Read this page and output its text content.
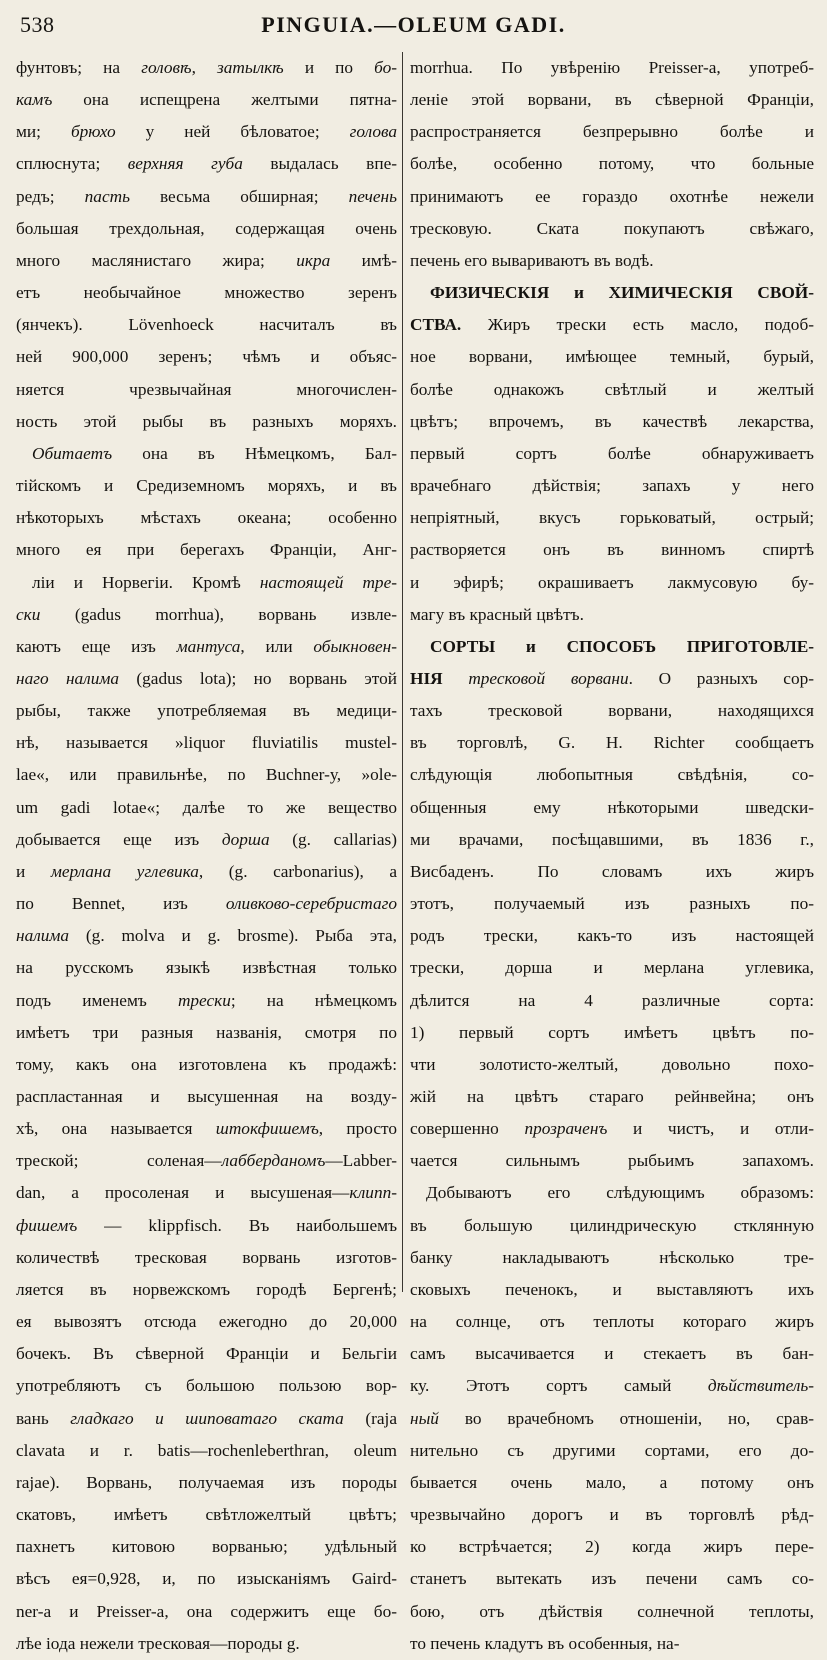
538	PINGUIA.—OLEUM GADI.
фунтовъ; на головѣ, затылкѣ и по бо-
камъ она испещрена желтыми пятна-
ми; брюхо у ней бѣловатое; голова
сплюснута; верхняя губа выдалась впе-
редъ; пасть весьма обширная; печень
большая трехдольная, содержащая очень
много маслянистаго жира; икра имѣ-
етъ необычайное множество зеренъ
(янчекъ). Lövenhoeck насчиталъ въ
ней 900,000 зеренъ; чѣмъ и объяс-
няется чрезвычайная многочислен-
ность этой рыбы въ разныхъ моряхъ.
Обитаетъ она въ Нѣмецкомъ, Бал-
тійскомъ и Средиземномъ моряхъ, и въ
нѣкоторыхъ мѣстахъ океана; особенно
много ея при берегахъ Франціи, Анг-
ліи и Норвегіи. Кромѣ настоящей тре-
ски (gadus morrhua), ворвань извле-
каютъ еще изъ мантуса, или обыкновен-
наго налима (gadus lota); но ворвань этой
рыбы, также употребляемая въ медици-
нѣ, называется »liquor fluviatilis mustel-
lae«, или правильнѣе, по Buchner-у, »ole-
um gadi lotae«; далѣе то же вещество
добывается еще изъ дорша (g. callarias)
и мерлана углевика, (g. carbonarius), а
по Bennet, изъ оливково-серебристаго
налима (g. molva и g. brosme). Рыба эта,
на русскомъ языкѣ извѣстная только
подъ именемъ трески; на нѣмецкомъ
имѣетъ три разныя названія, смотря по
тому, какъ она изготовлена къ продажѣ:
распластанная и высушенная на возду-
хѣ, она называется штокфишемъ, просто
треской; соленая—лабберданомъ—Labber-
dan, а просоленая и высушеная—клипп-
фишемъ — klippfisch. Въ наибольшемъ
количествѣ тресковая ворвань изготов-
ляется въ норвежскомъ городѣ Бергенѣ;
ея вывозятъ отсюда ежегодно до 20,000
бочекъ. Въ сѣверной Франціи и Бельгіи
употребляютъ съ большою пользою вор-
вань гладкаго и шиповатаго ската (raja
clavata и r. batis—rochenleberthran, oleum
rajae). Ворвань, получаемая изъ породы
скатовъ, имѣетъ свѣтложелтый цвѣтъ;
пахнетъ китовою ворванью; удѣльный
вѣсъ ея=0,928, и, по изысканіямъ Gaird-
ner-а и Preisser-а, она содержитъ еще бо-
лѣе іода нежели тресковая—породы g.
morrhua. По увѣренію Preisser-а, употреб-
леніе этой ворвани, въ сѣверной Франціи,
распространяется безпрерывно болѣе и
болѣе, особенно потому, что больные
принимаютъ ее гораздо охотнѣе нежели
тресковую. Ската покупаютъ свѣжаго,
печень его вывариваютъ въ водѣ.
ФИЗИЧЕСКІЯ и ХИМИЧЕСКІЯ СВОЙ-
СТВА. Жиръ трески есть масло, подоб-
ное ворвани, имѣющее темный, бурый,
болѣе однакожъ свѣтлый и желтый
цвѣтъ; впрочемъ, въ качествѣ лекарства,
первый сортъ болѣе обнаруживаетъ
врачебнаго дѣйствія; запахъ у него
непріятный, вкусъ горьковатый, острый;
растворяется онъ въ винномъ спиртѣ
и эфирѣ; окрашиваетъ лакмусовую бу-
магу въ красный цвѣтъ.
СОРТЫ и СПОСОБЪ ПРИГОТОВЛЕ-
НІЯ тресковой ворвани. О разныхъ сор-
тахъ тресковой ворвани, находящихся
въ торговлѣ, G. H. Richter сообщаетъ
слѣдующія любопытныя свѣдѣнія, со-
общенныя ему нѣкоторыми шведски-
ми врачами, посѣщавшими, въ 1836 г.,
Висбаденъ. По словамъ ихъ жиръ
этотъ, получаемый изъ разныхъ по-
родъ трески, какъ-то изъ настоящей
трески, дорша и мерлана углевика,
дѣлится на 4 различные сорта:
1) первый сортъ имѣетъ цвѣтъ по-
чти золотисто-желтый, довольно похо-
жій на цвѣтъ стараго рейнвейна; онъ
совершенно прозраченъ и чистъ, и отли-
чается сильнымъ рыбьимъ запахомъ.
Добываютъ его слѣдующимъ образомъ:
въ большую цилиндрическую стклянную
банку накладываютъ нѣсколько тре-
сковыхъ печенокъ, и выставляютъ ихъ
на солнце, отъ теплоты котораго жиръ
самъ высачивается и стекаетъ въ бан-
ку. Этотъ сортъ самый дѣйствитель-
ный во врачебномъ отношеніи, но, срав-
нительно съ другими сортами, его до-
бывается очень мало, а потому онъ
чрезвычайно дорогъ и въ торговлѣ рѣд-
ко встрѣчается; 2) когда жиръ пере-
станетъ вытекать изъ печени самъ со-
бою, отъ дѣйствія солнечной теплоты,
то печень кладутъ въ особенныя, на-
